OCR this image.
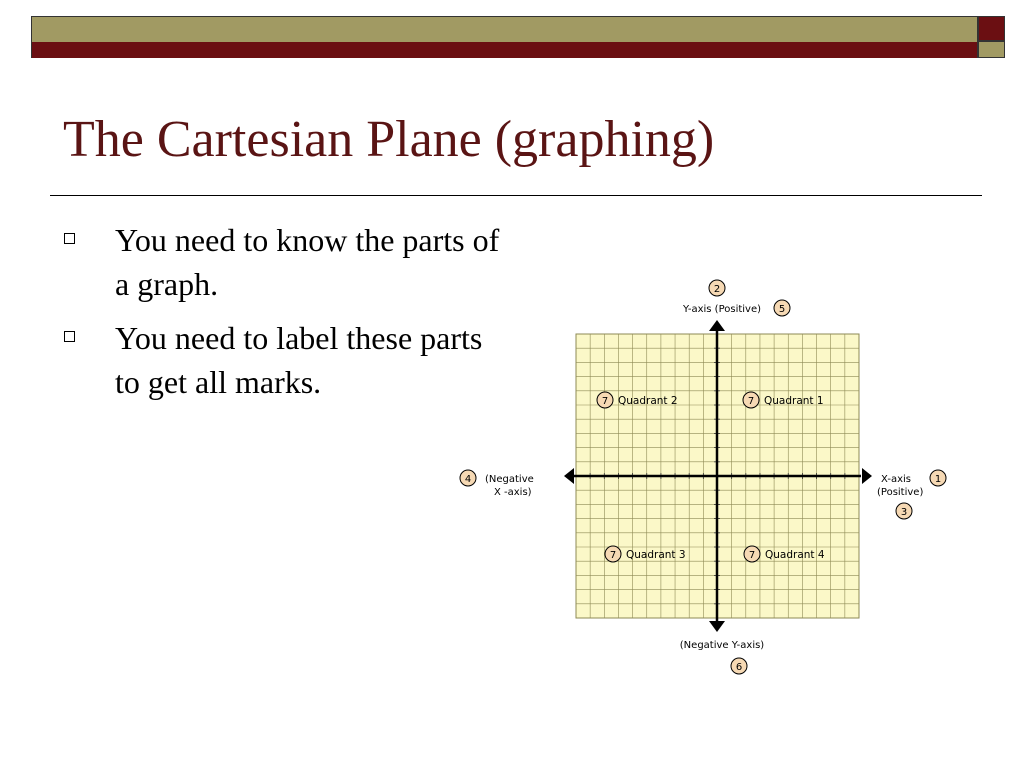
The Cartesian Plane (graphing)
You need to know the parts of a graph.
You need to label these parts to get all marks.
2
Y-axis (Positive) 5
(Negative Y-axis)
6
X-axis
(Positive)
1
3
4 (Negative
X -axis)
7 Quadrant 2	7 Quadrant 1
7 Quadrant 3	7 Quadrant 4
